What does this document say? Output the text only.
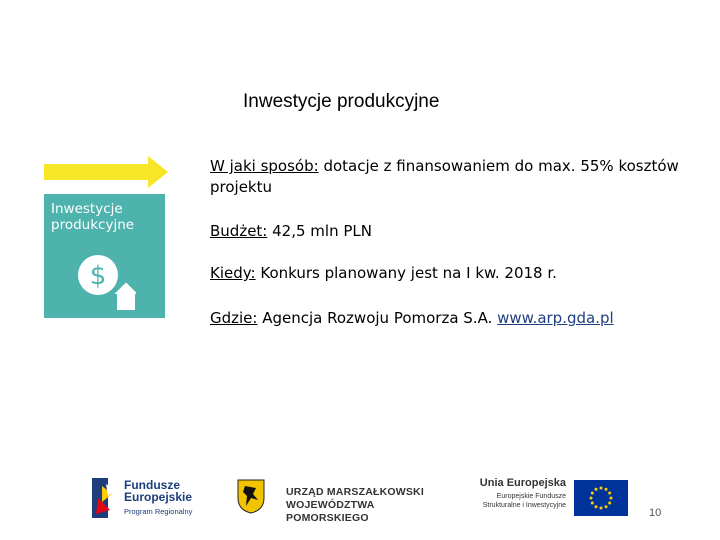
Inwestycje produkcyjne
Inwestycje produkcyjne
$
W jaki sposób: dotacje z finansowaniem do max. 55% kosztów projektu
Budżet: 42,5 mln PLN
Kiedy: Konkurs planowany jest na I kw. 2018 r.
Gdzie: Agencja Rozwoju Pomorza S.A. www.arp.gda.pl
Fundusze
Europejskie
Program Regionalny
URZĄD MARSZAŁKOWSKI
WOJEWÓDZTWA POMORSKIEGO
Unia Europejska
Europejskie Fundusze
Strukturalne i Inwestycyjne
10
